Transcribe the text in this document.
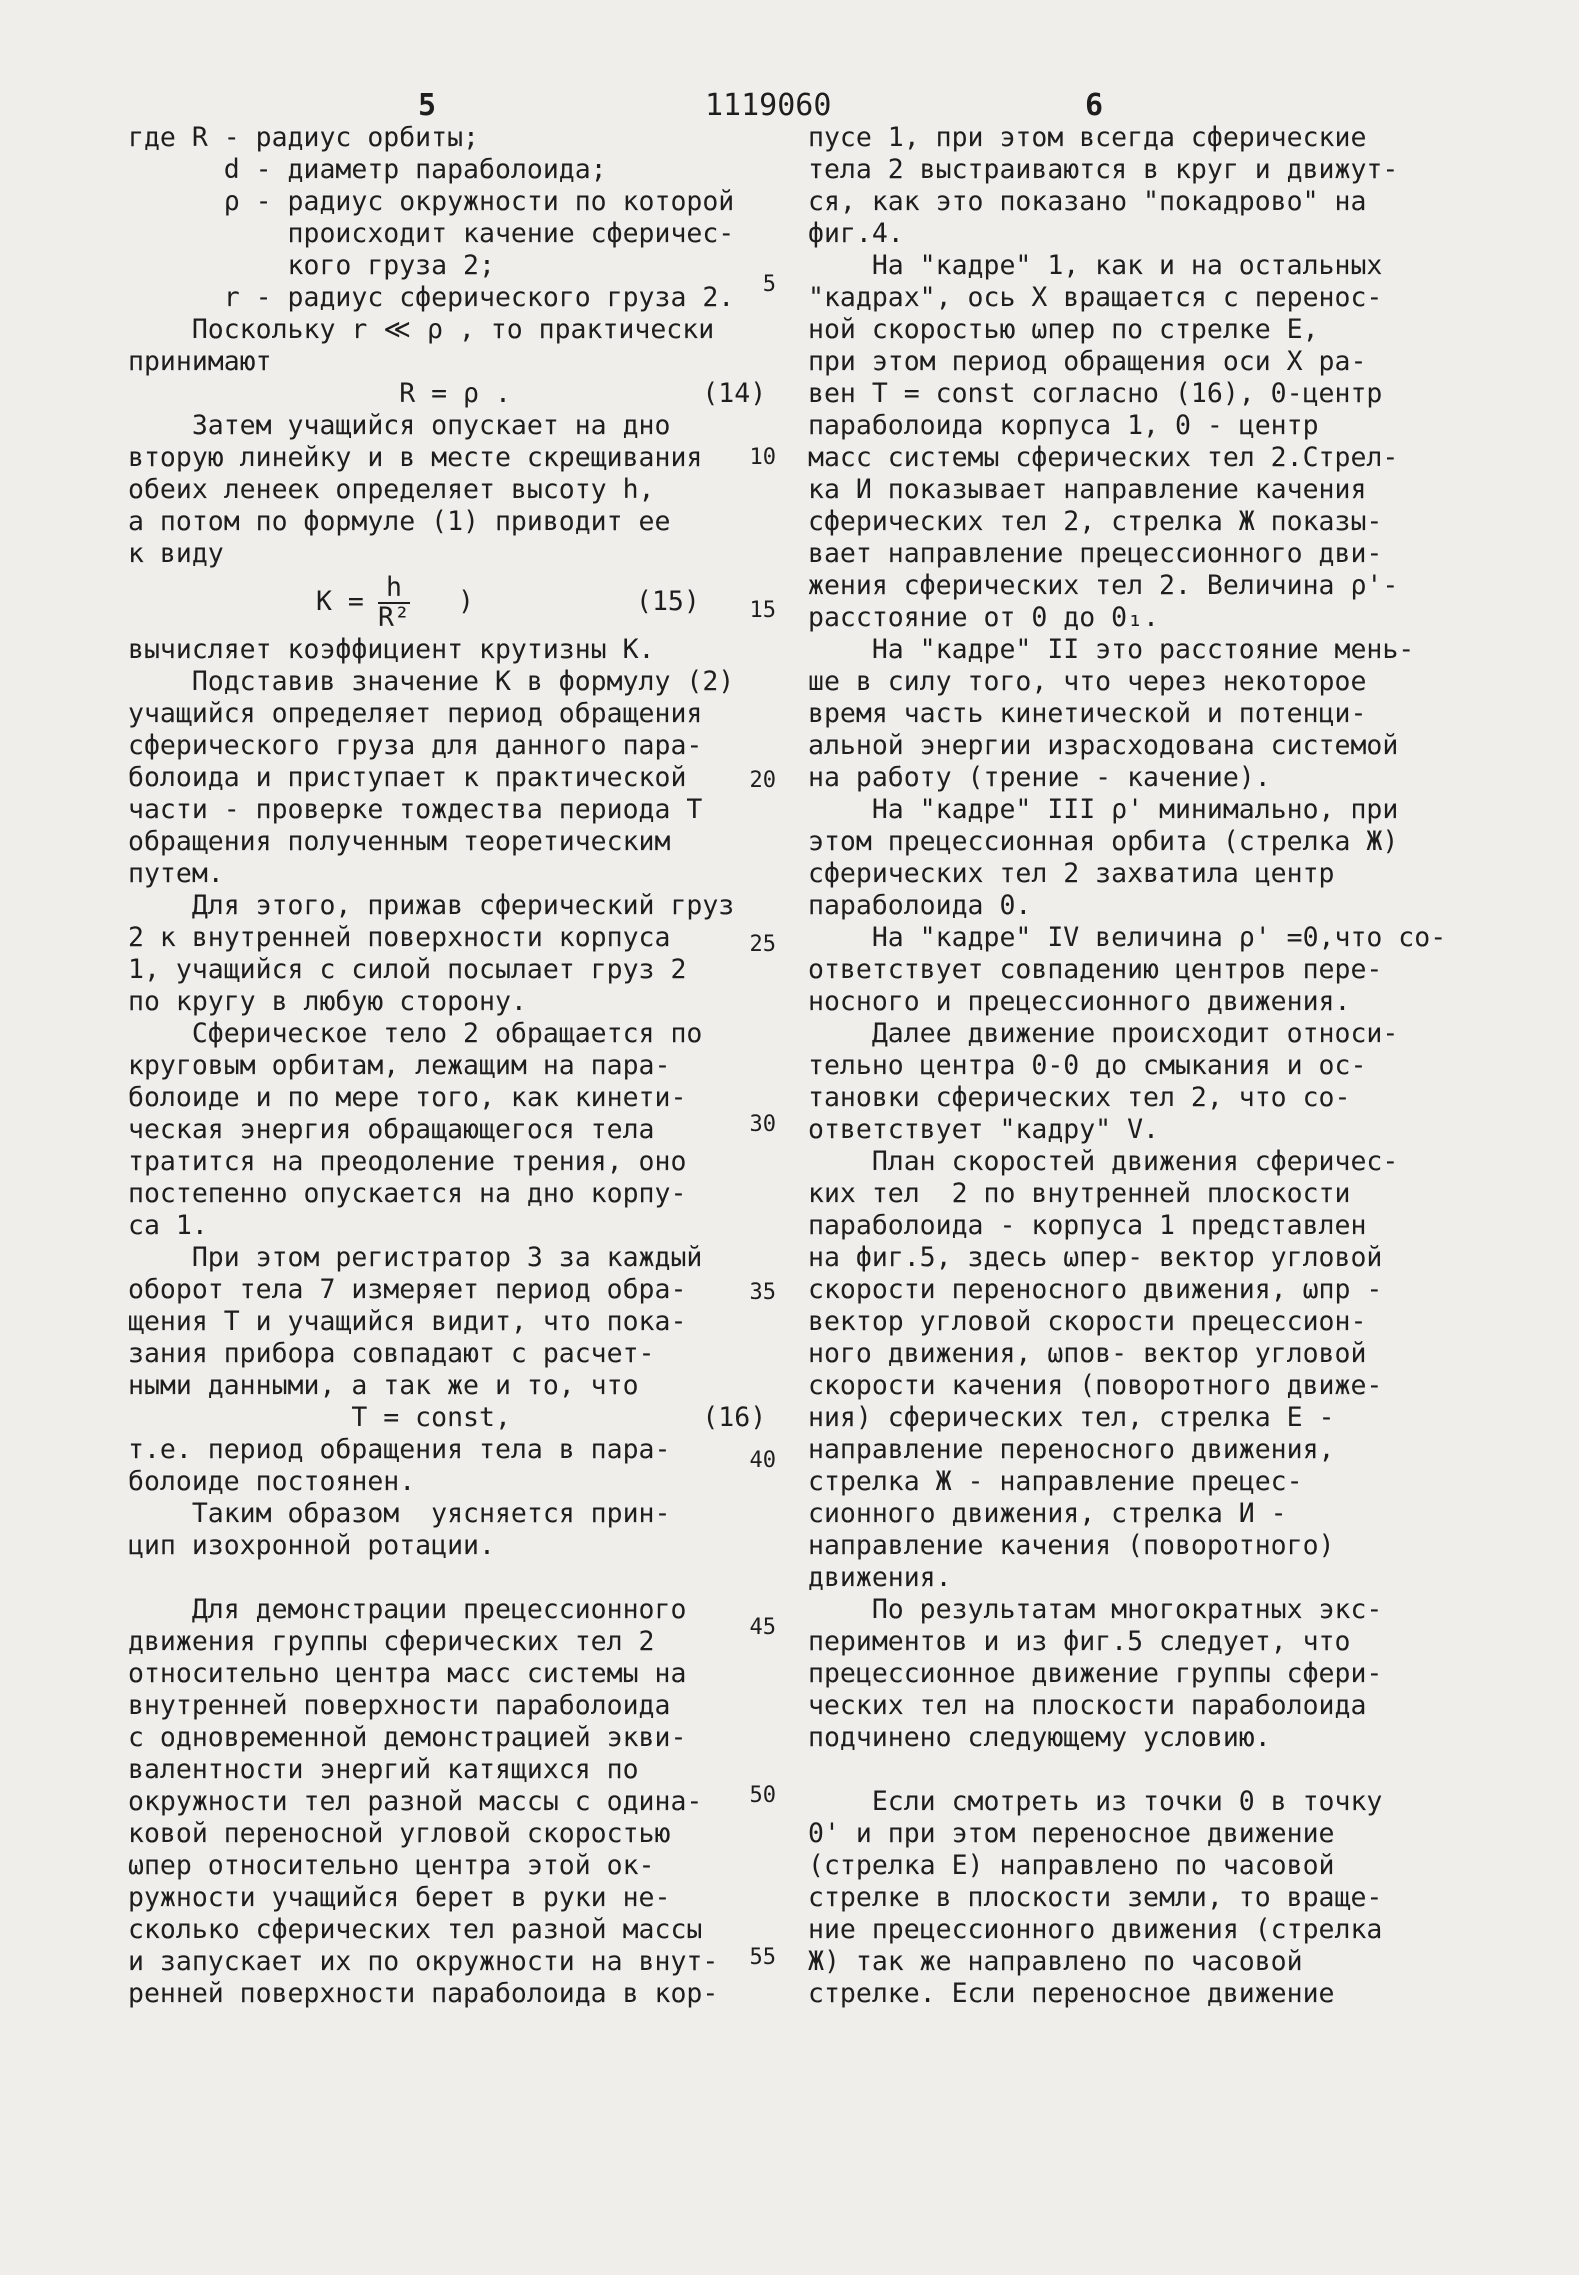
5	1119060	6
где R - радиус орбиты;
d - диаметр параболоида;
ρ - радиус окружности по которой
происходит качение сферичес-
кого груза 2;
r - радиус сферического груза 2.
Поскольку r ≪ ρ , то практически
принимают
R = ρ .            (14)
Затем учащийся опускает на дно
вторую линейку и в месте скрещивания
обеих ленеек определяет высоту h,
а потом по формуле (1) приводит ее
к виду
вычисляет коэффициент крутизны К.
Подставив значение К в формулу (2)
учащийся определяет период обращения
сферического груза для данного пара-
болоида и приступает к практической
части - проверке тождества периода Т
обращения полученным теоретическим
путем.
Для этого, прижав сферический груз
2 к внутренней поверхности корпуса
1, учащийся с силой посылает груз 2
по кругу в любую сторону.
Сферическое тело 2 обращается по
круговым орбитам, лежащим на пара-
болоиде и по мере того, как кинети-
ческая энергия обращающегося тела
тратится на преодоление трения, оно
постепенно опускается на дно корпу-
са 1.
При этом регистратор 3 за каждый
оборот тела 7 измеряет период обра-
щения Т и учащийся видит, что пока-
зания прибора совпадают с расчет-
ными данными, а так же и то, что
Т = const,            (16)
т.е. период обращения тела в пара-
болоиде постоянен.
Таким образом  уясняется прин-
цип изохронной ротации.
Для демонстрации прецессионного
движения группы сферических тел 2
относительно центра масс системы на
внутренней поверхности параболоида
с одновременной демонстрацией экви-
валентности энергий катящихся по
окружности тел разной массы с одина-
ковой переносной угловой скоростью
ωпер относительно центра этой ок-
ружности учащийся берет в руки не-
сколько сферических тел разной массы
и запускает их по окружности на внут-
ренней поверхности параболоида в кор-
$К = \frac{h}{\text{R²}}$ )	(15)
пусе 1, при этом всегда сферические
тела 2 выстраиваются в круг и движут-
ся, как это показано "покадрово" на
фиг.4.
На "кадре" 1, как и на остальных
"кадрах", ось Х вращается с перенос-
ной скоростью ωпер по стрелке Е,
при этом период обращения оси Х ра-
вен Т = const согласно (16), 0-центр
параболоида корпуса 1, 0 - центр
масс системы сферических тел 2.Стрел-
ка И показывает направление качения
сферических тел 2, стрелка Ж показы-
вает направление прецессионного дви-
жения сферических тел 2. Величина ρ'-
расстояние от 0 до 0₁.
На "кадре" II это расстояние мень-
ше в силу того, что через некоторое
время часть кинетической и потенци-
альной энергии израсходована системой
на работу (трение - качение).
На "кадре" III ρ' минимально, при
этом прецессионная орбита (стрелка Ж)
сферических тел 2 захватила центр
параболоида 0.
На "кадре" IV величина ρ' =0,что со-
ответствует совпадению центров пере-
носного и прецессионного движения.
Далее движение происходит относи-
тельно центра 0-0 до смыкания и ос-
тановки сферических тел 2, что со-
ответствует "кадру" V.
План скоростей движения сферичес-
ких тел  2 по внутренней плоскости
параболоида - корпуса 1 представлен
на фиг.5, здесь ωпер- вектор угловой
скорости переносного движения, ωпр -
вектор угловой скорости прецессион-
ного движения, ωпов- вектор угловой
скорости качения (поворотного движе-
ния) сферических тел, стрелка Е -
направление переносного движения,
стрелка Ж - направление прецес-
сионного движения, стрелка И -
направление качения (поворотного)
движения.
По результатам многократных экс-
периментов и из фиг.5 следует, что
прецессионное движение группы сфери-
ческих тел на плоскости параболоида
подчинено следующему условию.
Если смотреть из точки 0 в точку
0' и при этом переносное движение
(стрелка Е) направлено по часовой
стрелке в плоскости земли, то враще-
ние прецессионного движения (стрелка
Ж) так же направлено по часовой
стрелке. Если переносное движение
5
10
15
20
25
30
35
40
45
50
55
